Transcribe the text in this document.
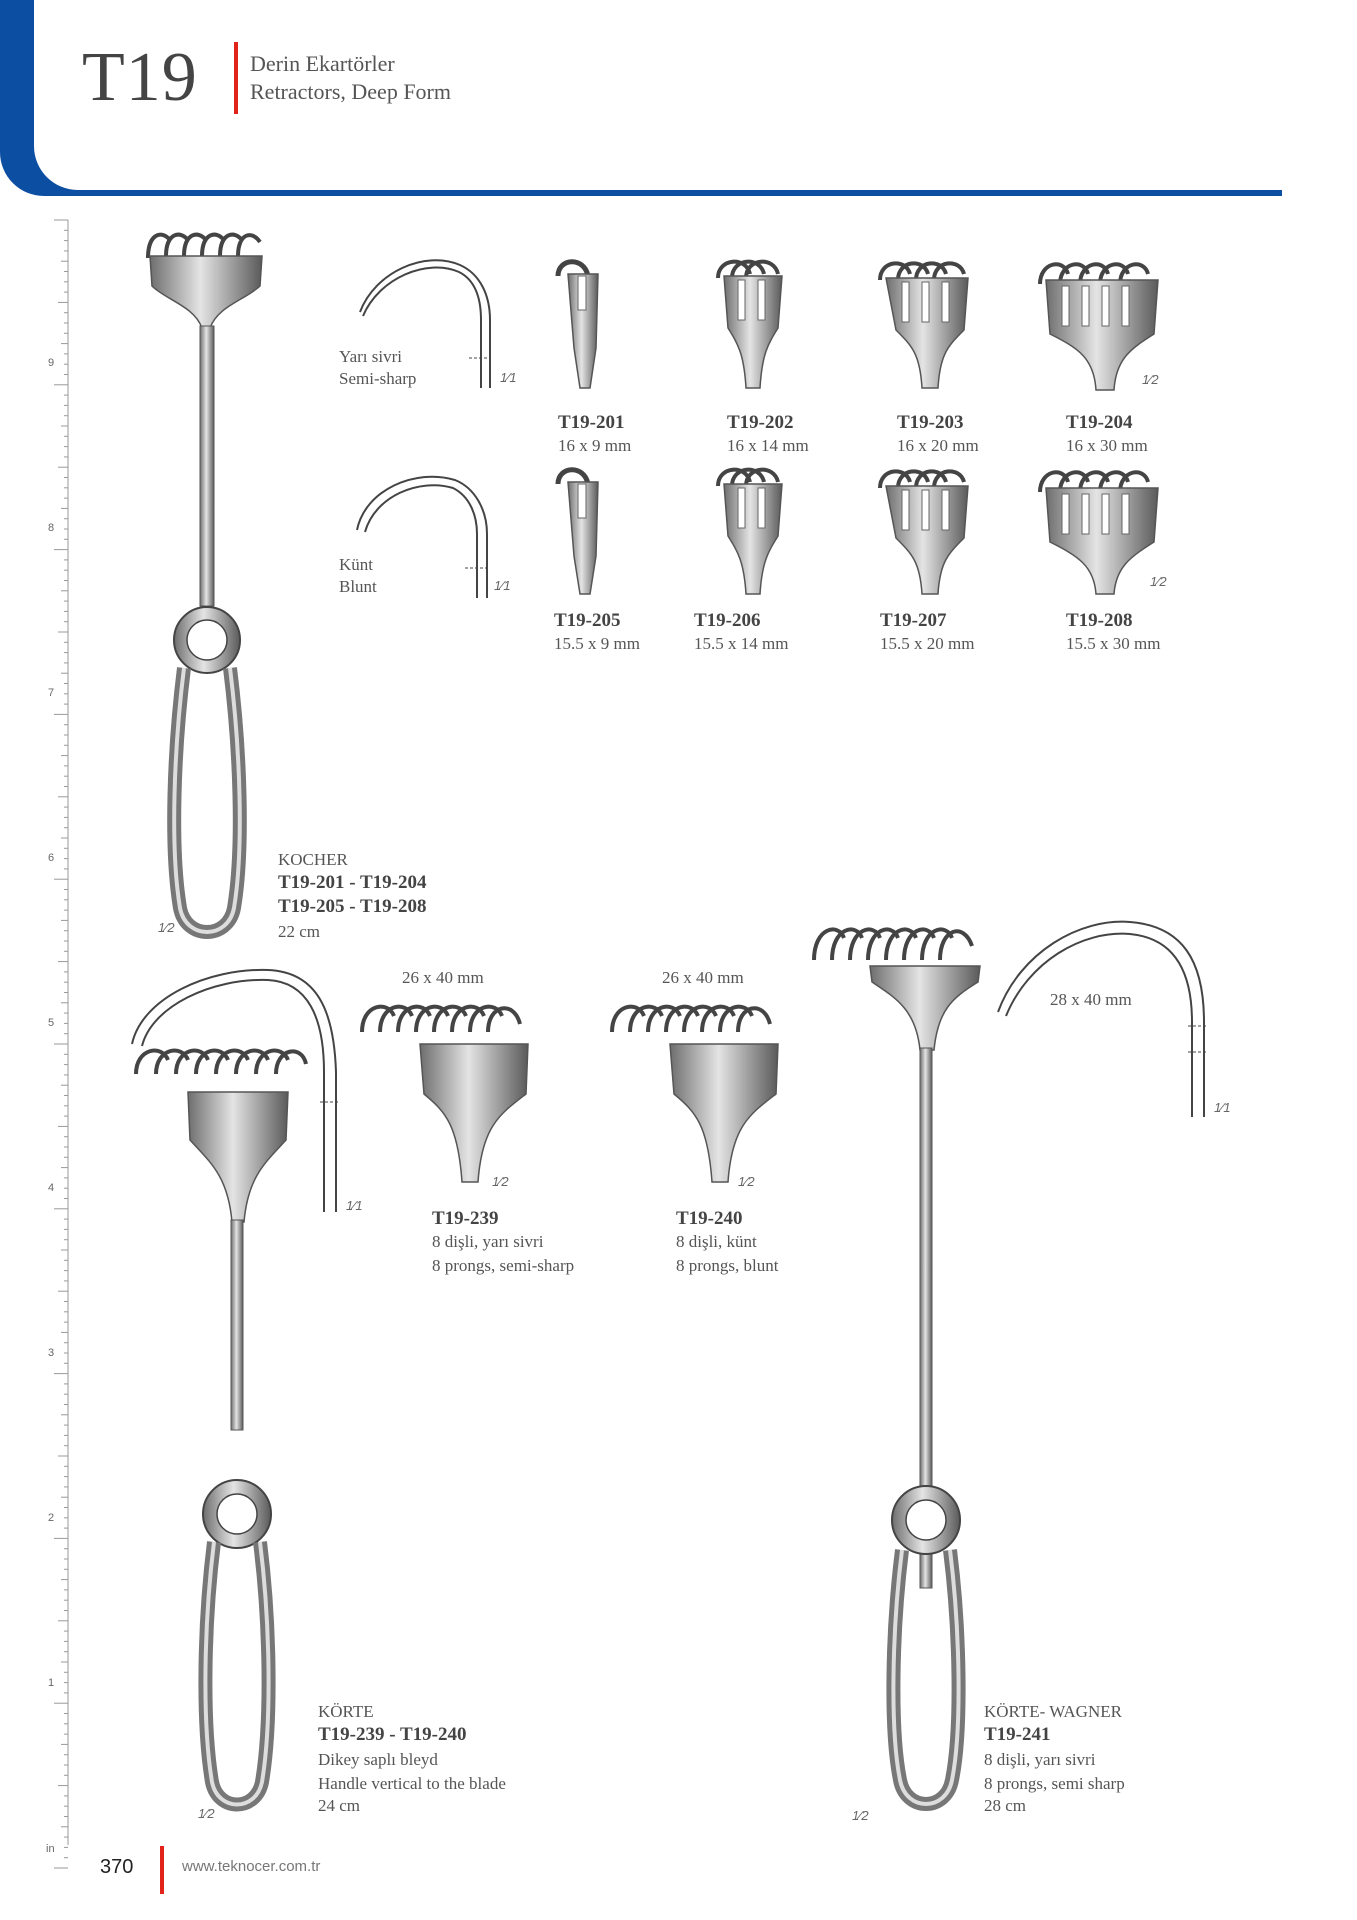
T19 Derin Ekartörler
Retractors, Deep Form
9
8
7
6
5
4
3
2
1
in
1⁄2
Yarı sivri
Semi-sharp	1⁄1
Künt
Blunt	1⁄1
1⁄2
T19-201
16 x 9 mm
T19-202
16 x 14 mm
T19-203
16 x 20 mm
T19-204
16 x 30 mm
1⁄2
T19-205
15.5 x 9 mm
T19-206
15.5 x 14 mm
T19-207
15.5 x 20 mm
T19-208
15.5 x 30 mm
KOCHER
T19-201 - T19-204
T19-205 - T19-208
22 cm
1⁄1
1⁄2
26 x 40 mm
1⁄2
T19-239
8 dişli, yarı sivri
8 prongs, semi-sharp
26 x 40 mm
1⁄2
T19-240
8 dişli, künt
8 prongs, blunt
KÖRTE
T19-239 - T19-240
Dikey saplı bleyd
Handle vertical to the blade
24 cm
1⁄2
28 x 40 mm
1⁄1
KÖRTE- WAGNER
T19-241
8 dişli, yarı sivri
8 prongs, semi sharp
28 cm
370	www.teknocer.com.tr
